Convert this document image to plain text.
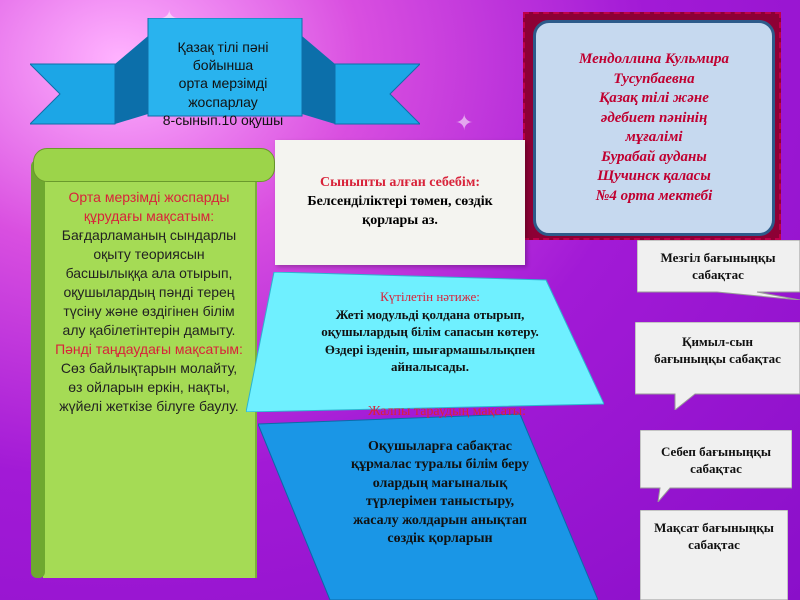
✦
Қазақ тілі пәні бойынша
орта мерзімді жоспарлау
8-сынып.10 оқушы
Мендоллина Кульмира
Тусупбаевна
Қазақ тілі және
әдебиет пәнінің
мұғалімі
Бурабай ауданы
Щучинск қаласы
№4 орта мектебі
Орта мерзімді жоспарды құрудағы мақсатым:
Бағдарламаның сындарлы оқыту теориясын басшылыққа ала отырып, оқушылардың пәнді терең түсіну және өздігінен білім алу қабілетінтерін дамыту.
Пәнді таңдаудағы мақсатым:
Сөз байлықтарын молайту, өз ойларын еркін, нақты, жүйелі жеткізе білуге баулу.
Сыныпты алған себебім:
Белсенділіктері төмен, сөздік қорлары аз.
Күтілетін нәтиже:
Жеті модульді қолдана отырып, оқушылардың білім сапасын көтеру. Өздері ізденіп, шығармашылықпен айналысады.
Жалпы тараудың мақсаты:
Оқушыларға сабақтас құрмалас туралы білім беру олардың мағыналық түрлерімен таныстыру, жасалу жолдарын анықтап сөздік қорларын
Мезгіл бағыныңқы сабақтас
Қимыл-сын бағыныңқы сабақтас
Себеп бағыныңқы сабақтас
Мақсат бағыныңқы сабақтас
